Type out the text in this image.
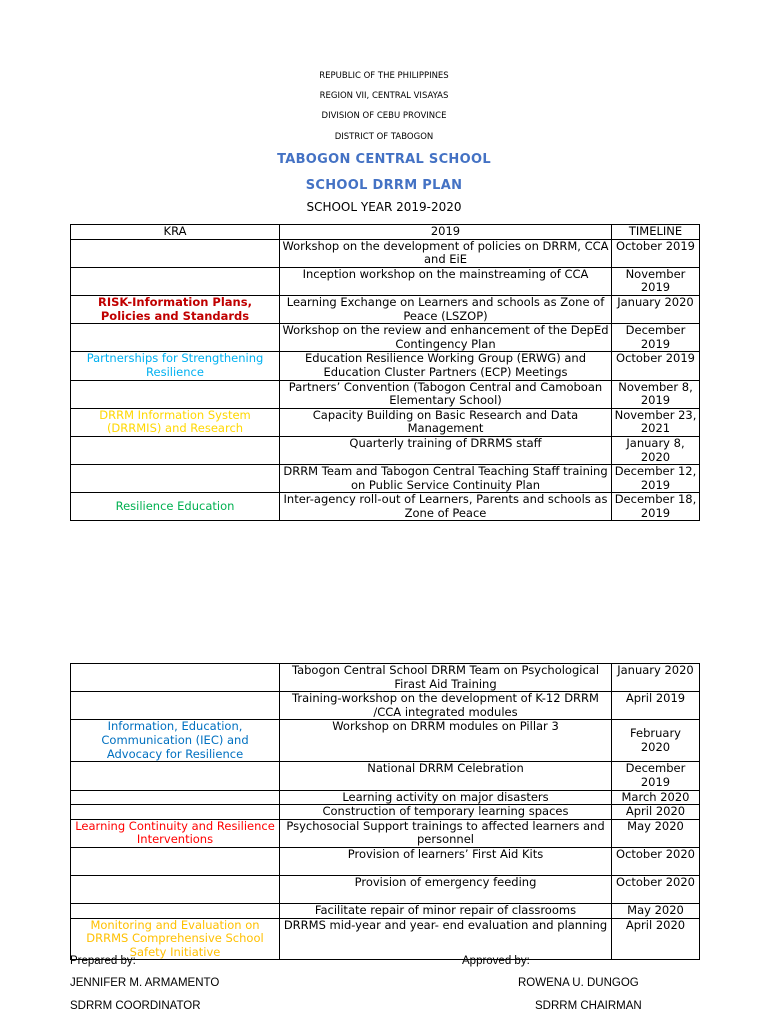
REPUBLIC OF THE PHILIPPINES
REGION VII, CENTRAL VISAYAS
DIVISION OF CEBU PROVINCE
DISTRICT OF TABOGON
TABOGON CENTRAL SCHOOL
SCHOOL DRRM PLAN
SCHOOL YEAR 2019-2020
KRA	2019	TIMELINE
	Workshop on the development of policies on DRRM, CCA and EiE	October 2019
	Inception workshop on the mainstreaming of CCA	November 2019
RISK-Information Plans, Policies and Standards	Learning Exchange on Learners and schools as Zone of Peace (LSZOP)	January 2020
	Workshop on the review and enhancement of the DepEd Contingency Plan	December 2019
Partnerships for Strengthening Resilience	Education Resilience Working Group (ERWG) and Education Cluster Partners (ECP) Meetings	October 2019
	Partners’ Convention (Tabogon Central and Camoboan Elementary School)	November 8, 2019
DRRM Information System (DRRMIS) and Research	Capacity Building on Basic Research and Data Management	November 23, 2021
	Quarterly training of DRRMS staff	January 8, 2020
	DRRM Team and Tabogon Central Teaching Staff training on Public Service Continuity Plan	December 12, 2019
Resilience Education	Inter-agency roll-out of Learners, Parents and schools as Zone of Peace	December 18, 2019
	Tabogon Central School DRRM Team on Psychological Firast Aid Training	January 2020
	Training-workshop on the development of K-12 DRRM /CCA integrated modules	April 2019
Information, Education, Communication (IEC) and Advocacy for Resilience	Workshop on DRRM modules on Pillar 3	February 2020
	National DRRM Celebration	December 2019
	Learning activity on major disasters	March 2020
	Construction of temporary learning spaces	April 2020
Learning Continuity and Resilience Interventions	Psychosocial Support trainings to affected learners and personnel	May 2020
	Provision of learners’ First Aid Kits	October 2020
	Provision of emergency feeding	October 2020
	Facilitate repair of minor repair of classrooms	May 2020
Monitoring and Evaluation on DRRMS Comprehensive School Safety Initiative	DRRMS mid-year and year- end evaluation and planning	April 2020
Prepared by:	Approved by:
JENNIFER M. ARMAMENTO	ROWENA U. DUNGOG
SDRRM COORDINATOR	SDRRM CHAIRMAN
